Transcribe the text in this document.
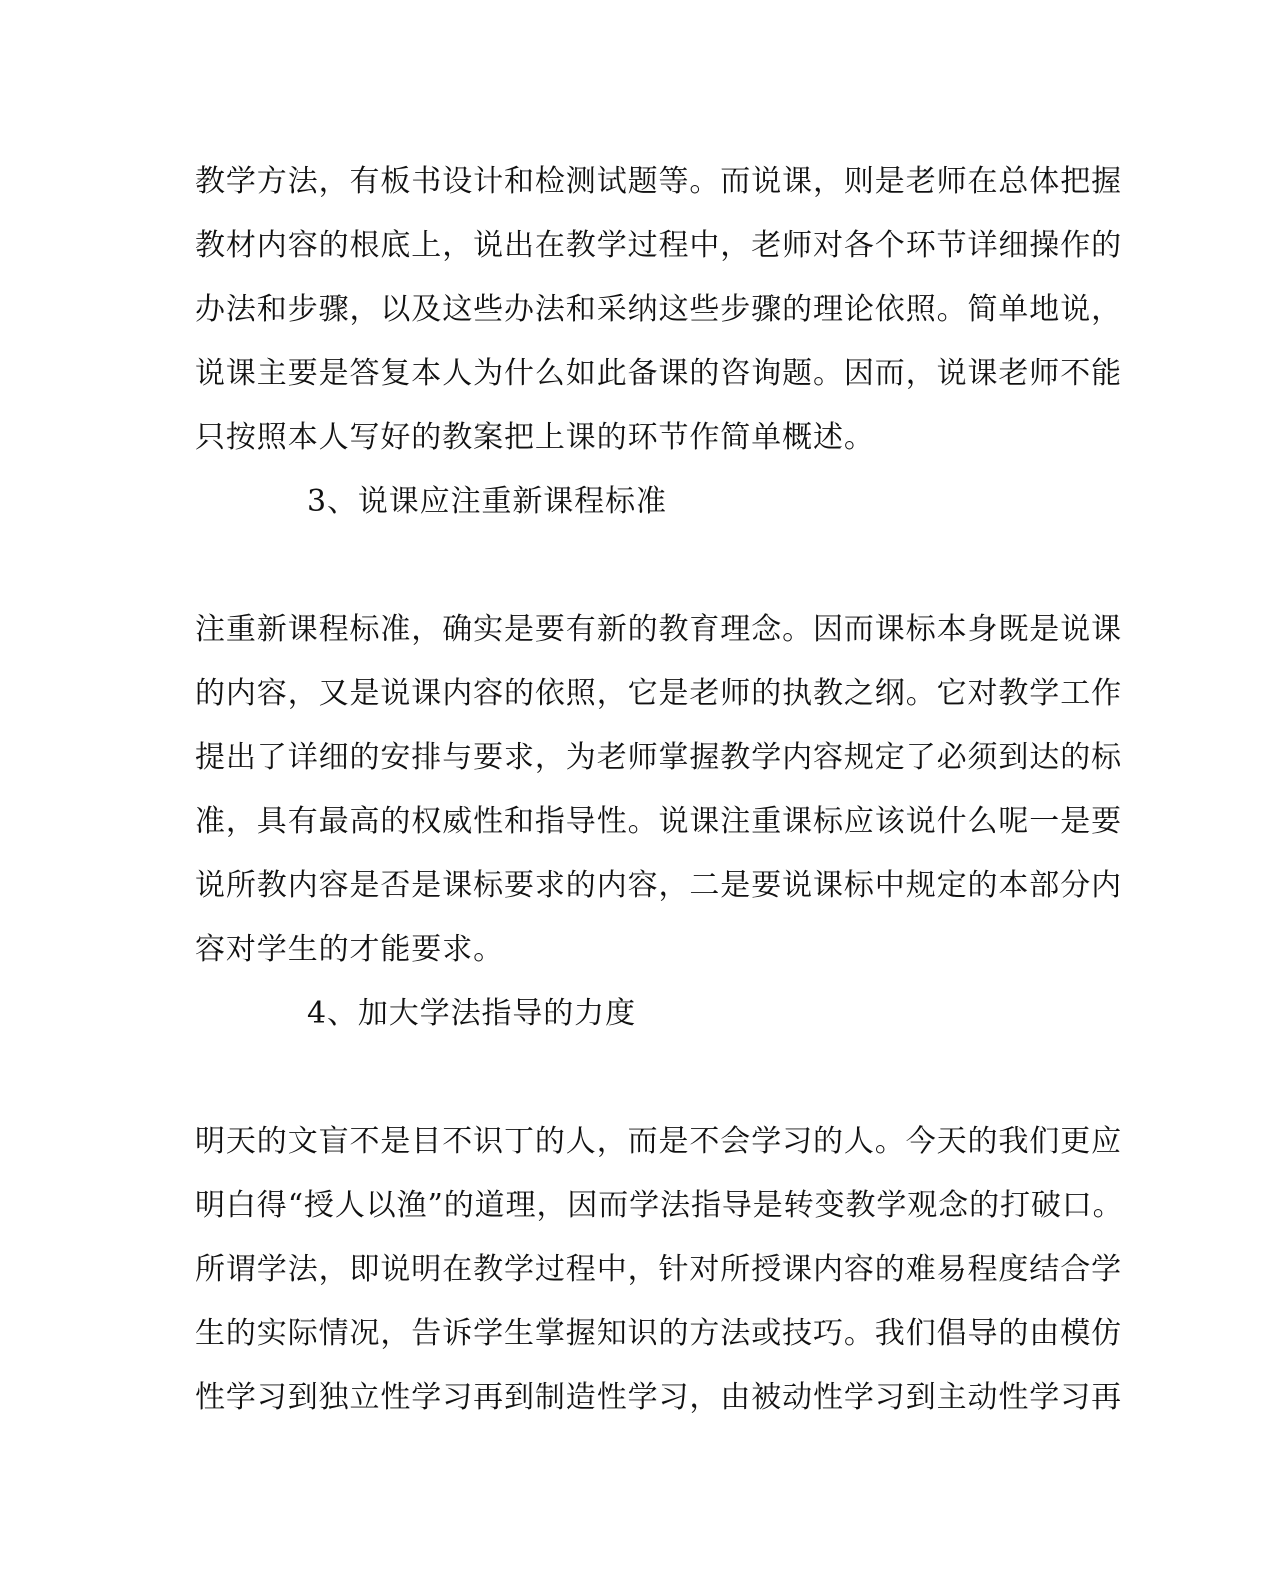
教学方法，有板书设计和检测试题等。而说课，则是老师在总体把握
教材内容的根底上，说出在教学过程中，老师对各个环节详细操作的
办法和步骤，以及这些办法和采纳这些步骤的理论依照。简单地说，
说课主要是答复本人为什么如此备课的咨询题。因而，说课老师不能
只按照本人写好的教案把上课的环节作简单概述。
3、说课应注重新课程标准
注重新课程标准，确实是要有新的教育理念。因而课标本身既是说课
的内容，又是说课内容的依照，它是老师的执教之纲。它对教学工作
提出了详细的安排与要求，为老师掌握教学内容规定了必须到达的标
准，具有最高的权威性和指导性。说课注重课标应该说什么呢一是要
说所教内容是否是课标要求的内容，二是要说课标中规定的本部分内
容对学生的才能要求。
4、加大学法指导的力度
明天的文盲不是目不识丁的人，而是不会学习的人。今天的我们更应
明白得“授人以渔”的道理，因而学法指导是转变教学观念的打破口。
所谓学法，即说明在教学过程中，针对所授课内容的难易程度结合学
生的实际情况，告诉学生掌握知识的方法或技巧。我们倡导的由模仿
性学习到独立性学习再到制造性学习，由被动性学习到主动性学习再
